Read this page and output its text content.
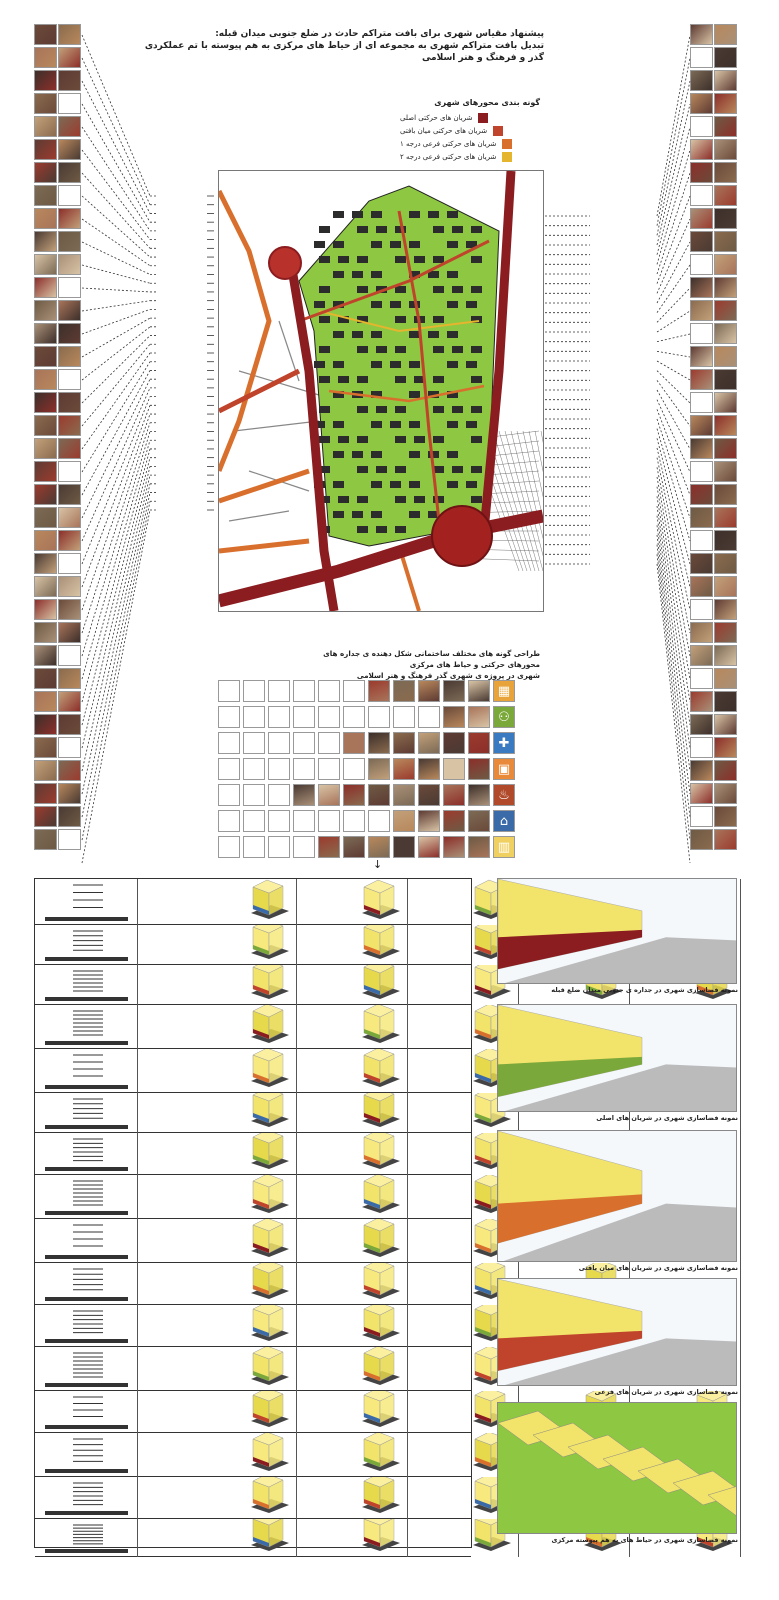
پیشنهاد مقیاس شهری برای بافت متراکم حادث در ضلع جنوبی میدان قبله:
تبدیل بافت متراکم شهری به مجموعه ای از حیاط های مرکزی به هم پیوسته با تم عملکردی
گذر و فرهنگ و هنر اسلامی
گونه بندی محورهای شهری
شریان های حرکتی اصلی
شریان های حرکتی میان بافتی
شریان های حرکتی فرعی درجه ۱
شریان های حرکتی فرعی درجه ۲
طراحی گونه های مختلف ساختمانی شکل دهنده ی جداره های محورهای حرکتی و حیاط های مرکزی
شهری در پروژه ی شهری گذر فرهنگ و هنر اسلامی
▦
⚇
✚
▣
♨
⌂
▥
↓
نمونه فضاسازی شهری در جداره ی جنوبی میدان ضلع قبله
نمونه فضاسازی شهری در شریان های اصلی
نمونه فضاسازی شهری در شریان های میان بافتی
نمونه فضاسازی شهری در شریان های فرعی
نمونه فضاسازی شهری در حیاط های به هم پیوسته مرکزی
